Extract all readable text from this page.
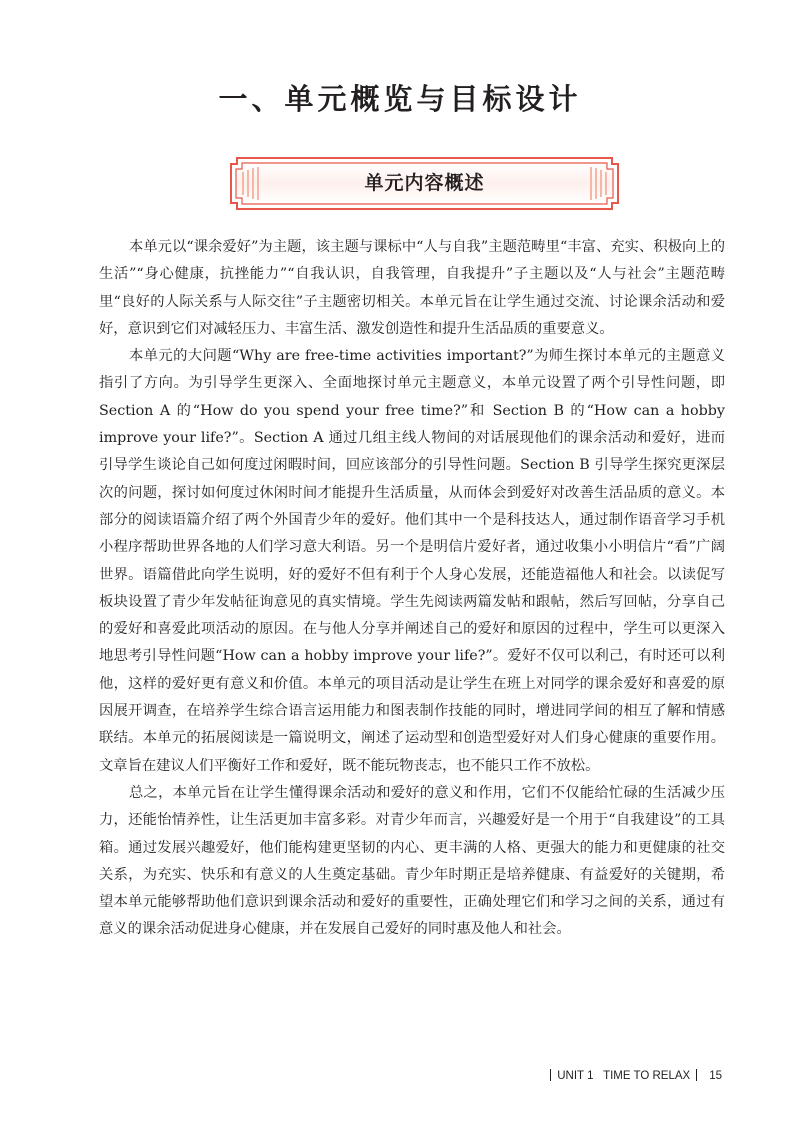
一、单元概览与目标设计
单元内容概述

本单元以“课余爱好”为主题，该主题与课标中“人与自我”主题范畴里“丰富、充实、积极向上的生活”“身心健康，抗挫能力”“自我认识，自我管理，自我提升”子主题以及“人与社会”主题范畴里“良好的人际关系与人际交往”子主题密切相关。本单元旨在让学生通过交流、讨论课余活动和爱好，意识到它们对减轻压力、丰富生活、激发创造性和提升生活品质的重要意义。

本单元的大问题“Why are free-time activities important?”为师生探讨本单元的主题意义指引了方向。为引导学生更深入、全面地探讨单元主题意义，本单元设置了两个引导性问题，即 Section A 的“How do you spend your free time?”和 Section B 的“How can a hobby improve your life?”。Section A 通过几组主线人物间的对话展现他们的课余活动和爱好，进而引导学生谈论自己如何度过闲暇时间，回应该部分的引导性问题。Section B 引导学生探究更深层次的问题，探讨如何度过休闲时间才能提升生活质量，从而体会到爱好对改善生活品质的意义。本部分的阅读语篇介绍了两个外国青少年的爱好。他们其中一个是科技达人，通过制作语音学习手机小程序帮助世界各地的人们学习意大利语。另一个是明信片爱好者，通过收集小小明信片“看”广阔世界。语篇借此向学生说明，好的爱好不但有利于个人身心发展，还能造福他人和社会。以读促写板块设置了青少年发帖征询意见的真实情境。学生先阅读两篇发帖和跟帖，然后写回帖，分享自己的爱好和喜爱此项活动的原因。在与他人分享并阐述自己的爱好和原因的过程中，学生可以更深入地思考引导性问题“How can a hobby improve your life?”。爱好不仅可以利己，有时还可以利他，这样的爱好更有意义和价值。本单元的项目活动是让学生在班上对同学的课余爱好和喜爱的原因展开调查，在培养学生综合语言运用能力和图表制作技能的同时，增进同学间的相互了解和情感联结。本单元的拓展阅读是一篇说明文，阐述了运动型和创造型爱好对人们身心健康的重要作用。文章旨在建议人们平衡好工作和爱好，既不能玩物丧志，也不能只工作不放松。

总之，本单元旨在让学生懂得课余活动和爱好的意义和作用，它们不仅能给忙碌的生活减少压力，还能怡情养性，让生活更加丰富多彩。对青少年而言，兴趣爱好是一个用于“自我建设”的工具箱。通过发展兴趣爱好，他们能构建更坚韧的内心、更丰满的人格、更强大的能力和更健康的社交关系，为充实、快乐和有意义的人生奠定基础。青少年时期正是培养健康、有益爱好的关键期，希望本单元能够帮助他们意识到课余活动和爱好的重要性，正确处理它们和学习之间的关系，通过有意义的课余活动促进身心健康，并在发展自己爱好的同时惠及他人和社会。

UNIT 1 TIME TO RELAX 15
